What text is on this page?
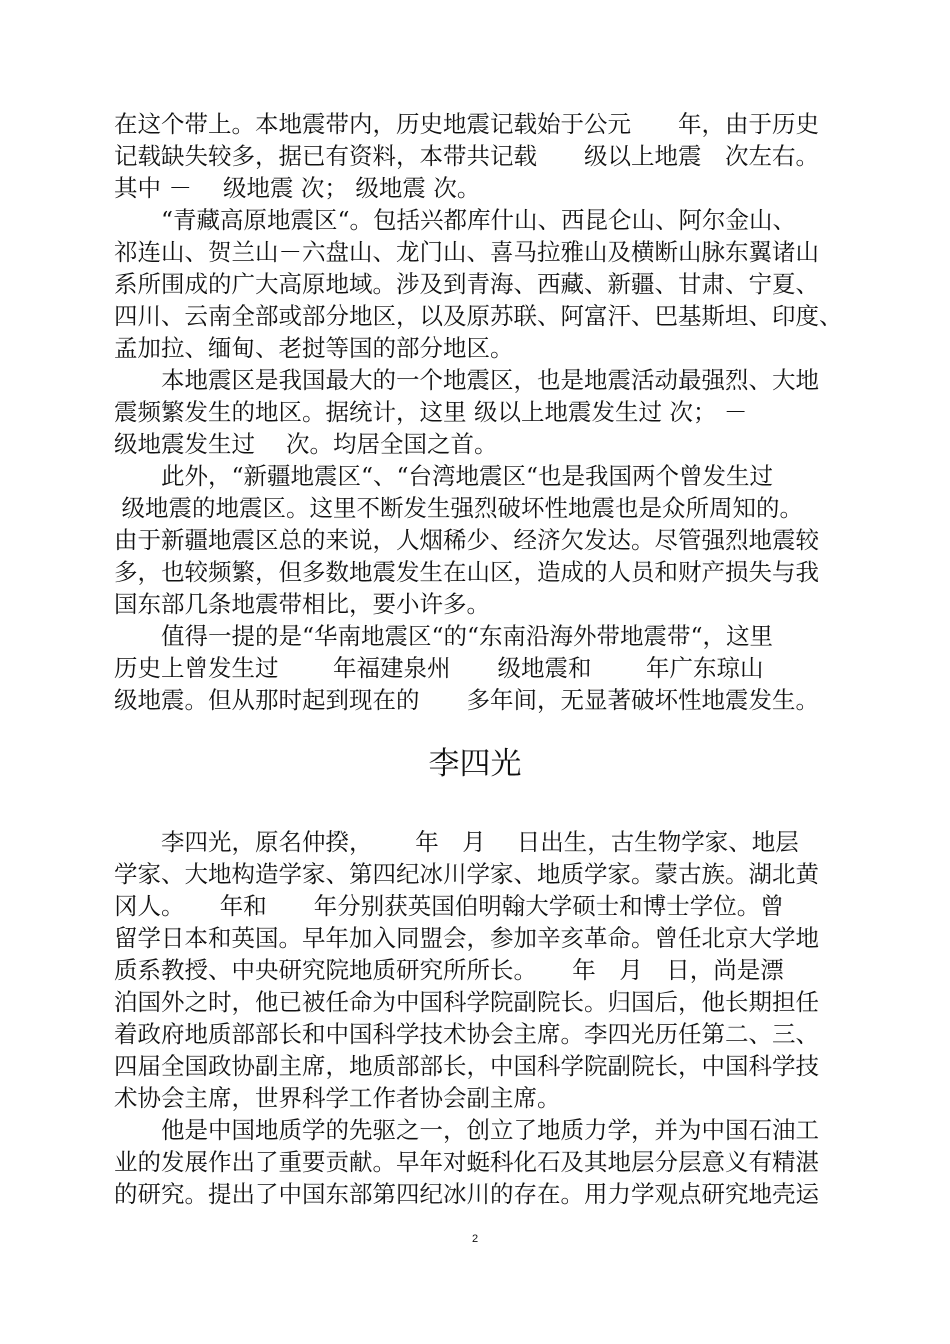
在这个带上。本地震带内，历史地震记载始于公元　　年，由于历史
记载缺失较多，据已有资料，本带共记载　　级以上地震　次左右。
其中 － 　级地震 次； 级地震 次。
　　“青藏高原地震区“。包括兴都库什山、西昆仑山、阿尔金山、
祁连山、贺兰山－六盘山、龙门山、喜马拉雅山及横断山脉东翼诸山
系所围成的广大高原地域。涉及到青海、西藏、新疆、甘肃、宁夏、
四川、云南全部或部分地区，以及原苏联、阿富汗、巴基斯坦、印度、
孟加拉、缅甸、老挝等国的部分地区。
　　本地震区是我国最大的一个地震区，也是地震活动最强烈、大地
震频繁发生的地区。据统计，这里 级以上地震发生过 次； －
级地震发生过　 次。均居全国之首。
　　此外，“新疆地震区“、“台湾地震区“也是我国两个曾发生过
级地震的地震区。这里不断发生强烈破坏性地震也是众所周知的。
由于新疆地震区总的来说，人烟稀少、经济欠发达。尽管强烈地震较
多，也较频繁，但多数地震发生在山区，造成的人员和财产损失与我
国东部几条地震带相比，要小许多。
　　值得一提的是“华南地震区“的“东南沿海外带地震带“，这里
历史上曾发生过　　 年福建泉州　　级地震和　　 年广东琼山
级地震。但从那时起到现在的　　多年间，无显著破坏性地震发生。
李四光
　　李四光，原名仲揆，　　 年　月　 日出生，古生物学家、地层
学家、大地构造学家、第四纪冰川学家、地质学家。蒙古族。湖北黄
冈人。　　年和　　年分别获英国伯明翰大学硕士和博士学位。曾
留学日本和英国。早年加入同盟会，参加辛亥革命。曾任北京大学地
质系教授、中央研究院地质研究所所长。　　年　月　日，尚是漂
泊国外之时，他已被任命为中国科学院副院长。归国后，他长期担任
着政府地质部部长和中国科学技术协会主席。李四光历任第二、三、
四届全国政协副主席，地质部部长，中国科学院副院长，中国科学技
术协会主席，世界科学工作者协会副主席。
　　他是中国地质学的先驱之一，创立了地质力学，并为中国石油工
业的发展作出了重要贡献。早年对蜓科化石及其地层分层意义有精湛
的研究。提出了中国东部第四纪冰川的存在。用力学观点研究地壳运
2
